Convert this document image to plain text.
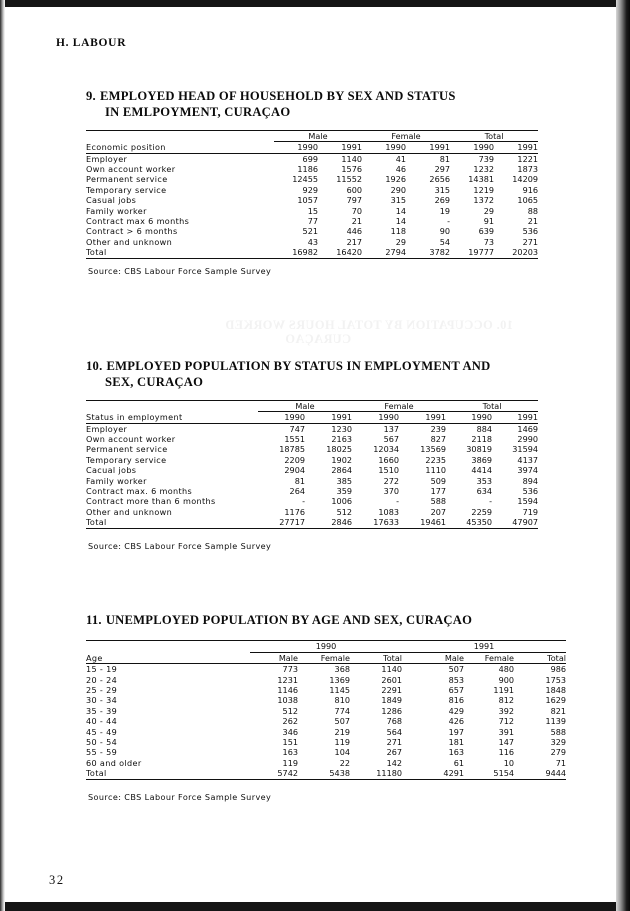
H. LABOUR
10. OCCUPATION BY TOTAL HOURS WORKED
CURAÇAO
9. EMPLOYED HEAD OF HOUSEHOLD BY SEX AND STATUS
IN EMLPOYMENT, CURAÇAO
	Male		Female		Total	
Economic position	1990	1991	1990	1991	1990	1991
Employer	699	1140	41	81	739	1221
Own account worker	1186	1576	46	297	1232	1873
Permanent service	12455	11552	1926	2656	14381	14209
Temporary service	929	600	290	315	1219	916
Casual jobs	1057	797	315	269	1372	1065
Family worker	15	70	14	19	29	88
Contract max 6 months	77	21	14	-	91	21
Contract > 6 months	521	446	118	90	639	536
Other and unknown	43	217	29	54	73	271
Total	16982	16420	2794	3782	19777	20203
Source: CBS Labour Force Sample Survey
10. EMPLOYED POPULATION BY STATUS IN EMPLOYMENT AND
SEX, CURAÇAO
	Male		Female		Total	
Status in employment	1990	1991	1990	1991	1990	1991
Employer	747	1230	137	239	884	1469
Own account worker	1551	2163	567	827	2118	2990
Permanent service	18785	18025	12034	13569	30819	31594
Temporary service	2209	1902	1660	2235	3869	4137
Cacual jobs	2904	2864	1510	1110	4414	3974
Family worker	81	385	272	509	353	894
Contract max. 6 months	264	359	370	177	634	536
Contract more than 6 months	-	1006	-	588	-	1594
Other and unknown	1176	512	1083	207	2259	719
Total	27717	2846	17633	19461	45350	47907
Source: CBS Labour Force Sample Survey
11. UNEMPLOYED POPULATION BY AGE AND SEX, CURAÇAO
	1990			1991		
Age	Male	Female	Total	Male	Female	Total
15 - 19	773	368	1140	507	480	986
20 - 24	1231	1369	2601	853	900	1753
25 - 29	1146	1145	2291	657	1191	1848
30 - 34	1038	810	1849	816	812	1629
35 - 39	512	774	1286	429	392	821
40 - 44	262	507	768	426	712	1139
45 - 49	346	219	564	197	391	588
50 - 54	151	119	271	181	147	329
55 - 59	163	104	267	163	116	279
60 and older	119	22	142	61	10	71
Total	5742	5438	11180	4291	5154	9444
Source: CBS Labour Force Sample Survey
32
